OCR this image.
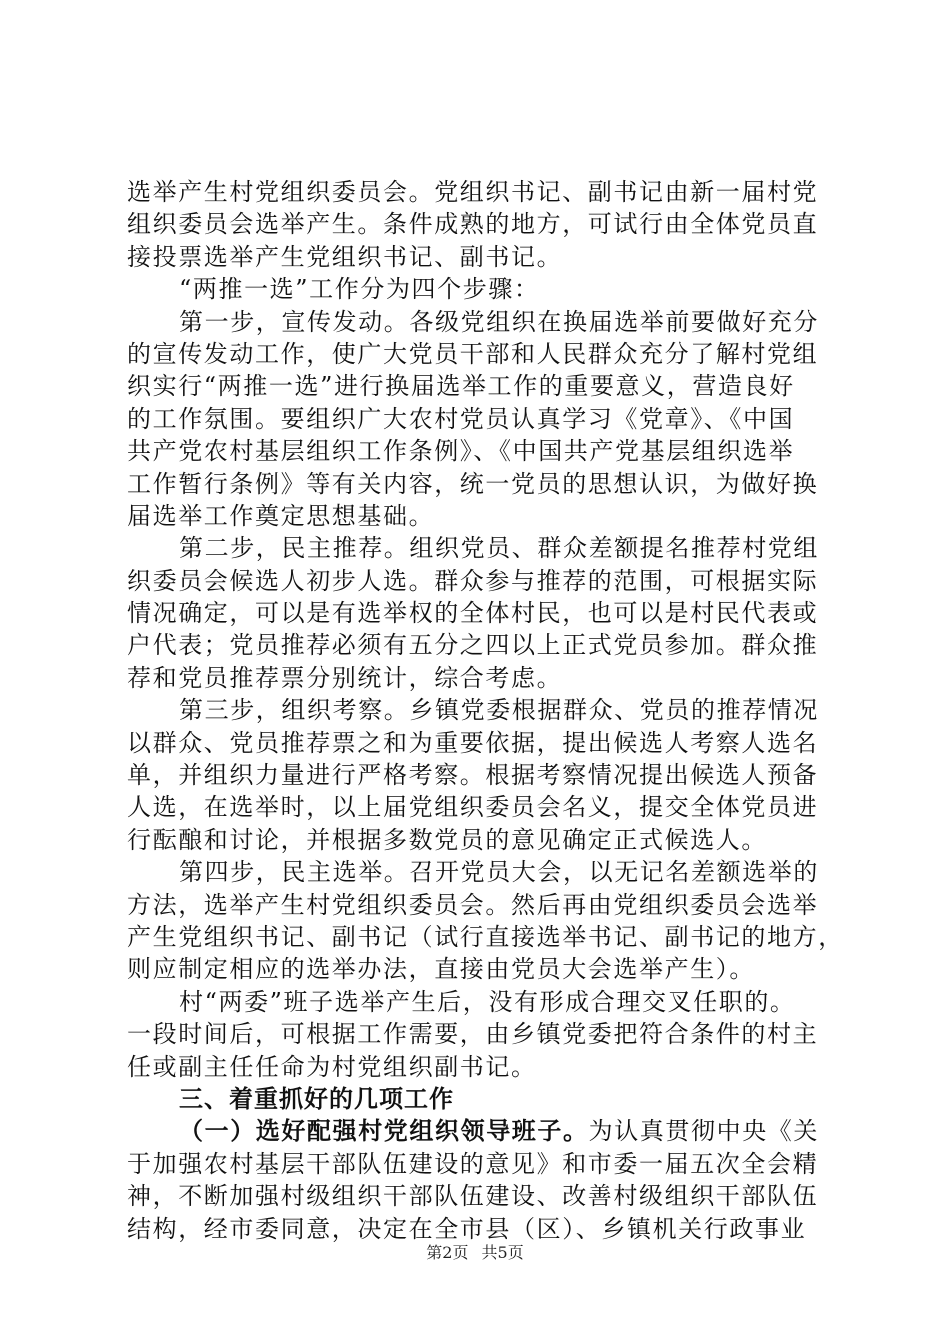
选举产生村党组织委员会。党组织书记、副书记由新一届村党
组织委员会选举产生。条件成熟的地方，可试行由全体党员直
接投票选举产生党组织书记、副书记。
“两推一选”工作分为四个步骤：
第一步，宣传发动。各级党组织在换届选举前要做好充分
的宣传发动工作，使广大党员干部和人民群众充分了解村党组
织实行“两推一选”进行换届选举工作的重要意义，营造良好
的工作氛围。要组织广大农村党员认真学习《党章》、《中国
共产党农村基层组织工作条例》、《中国共产党基层组织选举
工作暂行条例》等有关内容，统一党员的思想认识，为做好换
届选举工作奠定思想基础。
第二步，民主推荐。组织党员、群众差额提名推荐村党组
织委员会候选人初步人选。群众参与推荐的范围，可根据实际
情况确定，可以是有选举权的全体村民，也可以是村民代表或
户代表；党员推荐必须有五分之四以上正式党员参加。群众推
荐和党员推荐票分别统计，综合考虑。
第三步，组织考察。乡镇党委根据群众、党员的推荐情况
以群众、党员推荐票之和为重要依据，提出候选人考察人选名
单，并组织力量进行严格考察。根据考察情况提出候选人预备
人选，在选举时，以上届党组织委员会名义，提交全体党员进
行酝酿和讨论，并根据多数党员的意见确定正式候选人。
第四步，民主选举。召开党员大会，以无记名差额选举的
方法，选举产生村党组织委员会。然后再由党组织委员会选举
产生党组织书记、副书记（试行直接选举书记、副书记的地方，
则应制定相应的选举办法，直接由党员大会选举产生）。
村“两委”班子选举产生后，没有形成合理交叉任职的。
一段时间后，可根据工作需要，由乡镇党委把符合条件的村主
任或副主任任命为村党组织副书记。
三、着重抓好的几项工作
（一）选好配强村党组织领导班子。为认真贯彻中央《关
于加强农村基层干部队伍建设的意见》和市委一届五次全会精
神，不断加强村级组织干部队伍建设、改善村级组织干部队伍
结构，经市委同意，决定在全市县（区）、乡镇机关行政事业
第2页 共5页
